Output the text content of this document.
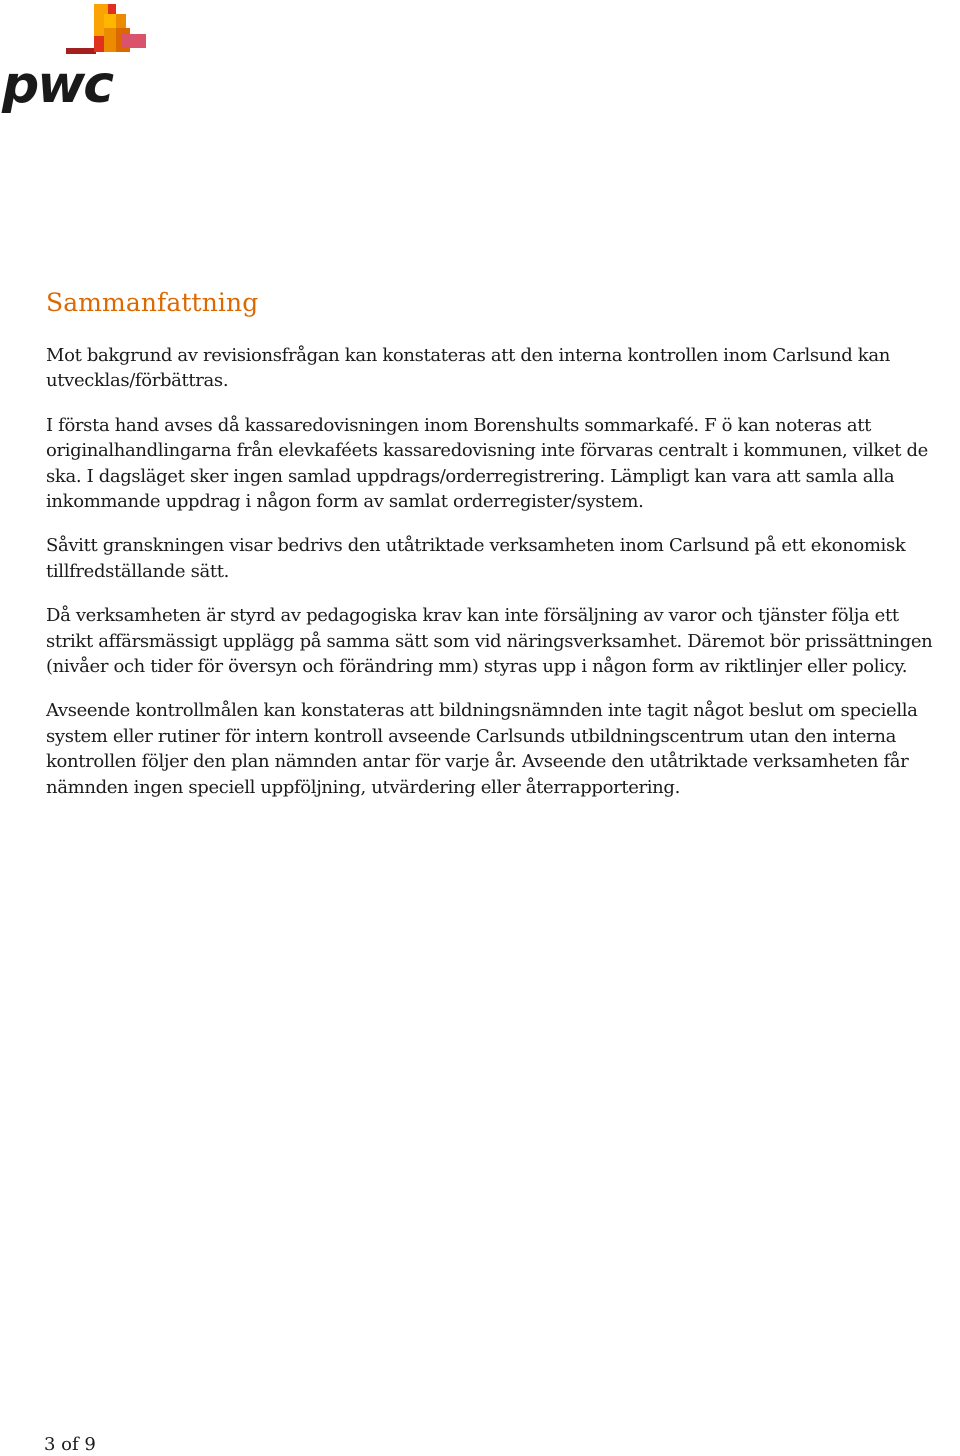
pwc
Sammanfattning

Mot bakgrund av revisionsfrågan kan konstateras att den interna kontrollen inom Carlsund kan utvecklas/förbättras.

I första hand avses då kassaredovisningen inom Borenshults sommarkafé. F ö kan noteras att originalhandlingarna från elevkaféets kassaredovisning inte förvaras centralt i kommunen, vilket de ska. I dagsläget sker ingen samlad uppdrags/orderregistrering. Lämpligt kan vara att samla alla inkommande uppdrag i någon form av samlat orderregister/system.

Såvitt granskningen visar bedrivs den utåtriktade verksamheten inom Carlsund på ett ekonomisk tillfredställande sätt.

Då verksamheten är styrd av pedagogiska krav kan inte försäljning av varor och tjänster följa ett strikt affärsmässigt upplägg på samma sätt som vid näringsverksamhet. Däremot bör prissättningen (nivåer och tider för översyn och förändring mm) styras upp i någon form av riktlinjer eller policy.

Avseende kontrollmålen kan konstateras att bildningsnämnden inte tagit något beslut om speciella system eller rutiner för intern kontroll avseende Carlsunds utbildningscentrum utan den interna kontrollen följer den plan nämnden antar för varje år. Avseende den utåtriktade verksamheten får nämnden ingen speciell uppföljning, utvärdering eller återrapportering.

3 of 9
